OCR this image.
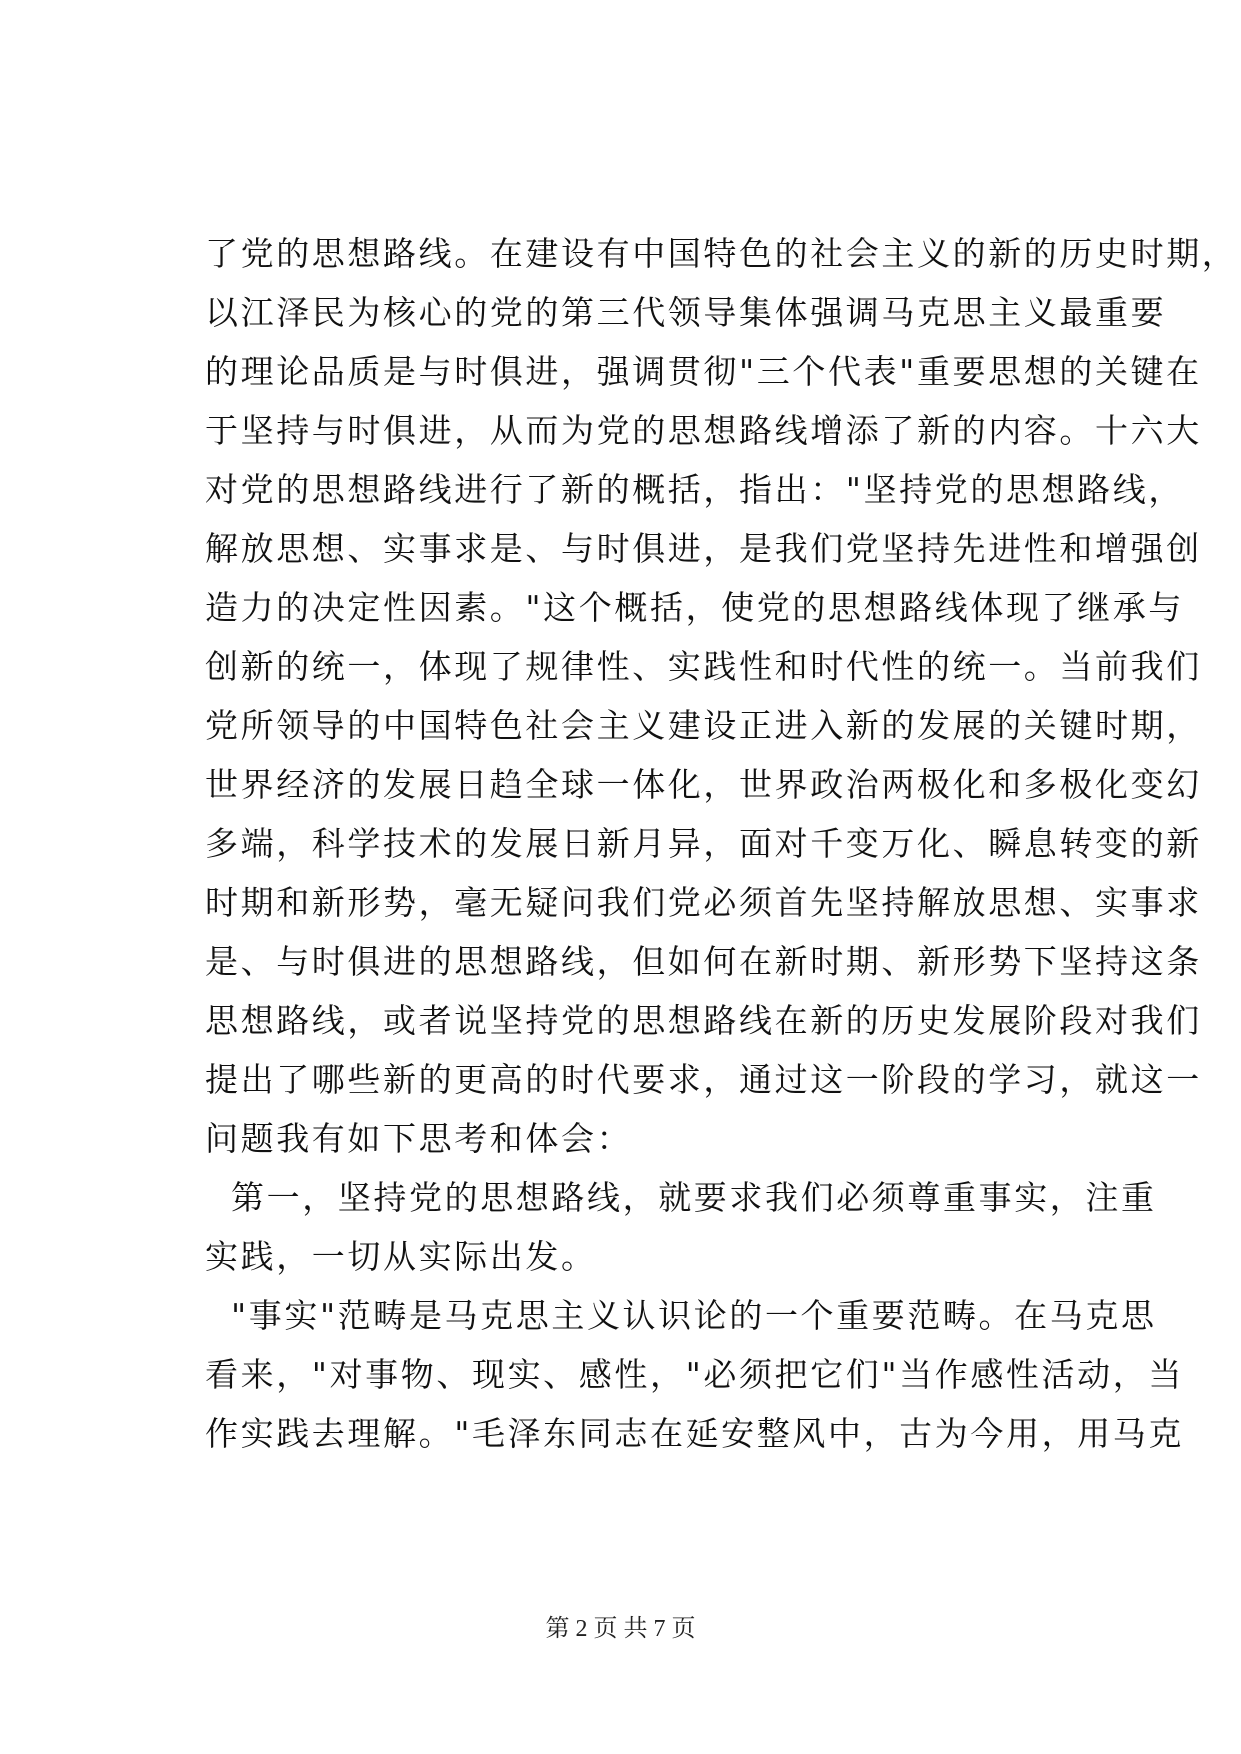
了党的思想路线。在建设有中国特色的社会主义的新的历史时期，
以江泽民为核心的党的第三代领导集体强调马克思主义最重要
的理论品质是与时俱进，强调贯彻"三个代表"重要思想的关键在
于坚持与时俱进，从而为党的思想路线增添了新的内容。十六大
对党的思想路线进行了新的概括，指出："坚持党的思想路线，
解放思想、实事求是、与时俱进，是我们党坚持先进性和增强创
造力的决定性因素。"这个概括，使党的思想路线体现了继承与
创新的统一，体现了规律性、实践性和时代性的统一。当前我们
党所领导的中国特色社会主义建设正进入新的发展的关键时期，
世界经济的发展日趋全球一体化，世界政治两极化和多极化变幻
多端，科学技术的发展日新月异，面对千变万化、瞬息转变的新
时期和新形势，毫无疑问我们党必须首先坚持解放思想、实事求
是、与时俱进的思想路线，但如何在新时期、新形势下坚持这条
思想路线，或者说坚持党的思想路线在新的历史发展阶段对我们
提出了哪些新的更高的时代要求，通过这一阶段的学习，就这一
问题我有如下思考和体会：
第一，坚持党的思想路线，就要求我们必须尊重事实，注重
实践，一切从实际出发。
"事实"范畴是马克思主义认识论的一个重要范畴。在马克思
看来，"对事物、现实、感性，"必须把它们"当作感性活动，当
作实践去理解。"毛泽东同志在延安整风中，古为今用，用马克
第 2 页 共 7 页
